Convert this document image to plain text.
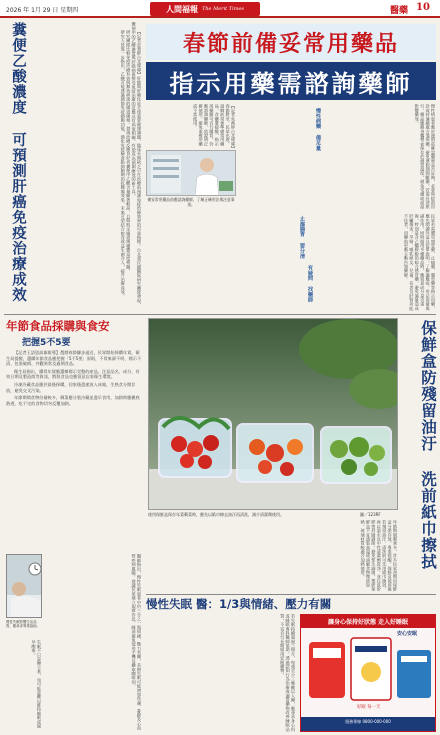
2026 年 1月 29 日 星期四	人間福報 The Merit Times	醫藥 10
糞便乙酸濃度 可預測肝癌免疫治療成效	【記者雷秉群台北報導】肝癌與肝硬化是全球重要健康議題，臨床長期缺乏可在治療前預測免疫治療效果的可靠指標。台北榮民總醫院研究團隊發現，糞便中的乙酸濃度與肝癌病患接受免疫治療的反應具有高度相關，有望成為預測療效的新工具。

研究團隊比較免疫治療有效與無效病患的腸道菌相，發現治療反應良好者糞便中乙酸含量顯著較高，且與特定腸道菌種豐富度相關。

研究人員進一步指出，乙酸可能透過調節免疫細胞功能，強化免疫檢查點抑制劑的抗腫瘤效果，未來可望結合飲食或益生菌介入，提升治療成效。	春節前備妥常用藥品
指示用藥需諮詢藥師
【記者吳燕婷台北報導】春節將至，民眾出遊、返鄉前常會準備常用藥品，食藥署提醒，指示用藥雖可自行購買，仍應諮詢藥師，依說明正確使用，避免重複用藥或不當使用。
備妥常用藥品前應諮詢藥師，了解正確用法與注意事項。	慢性病患者應於連假前確認藥量是否足夠，必要時提前回診或持連續處方箋領藥，避免連假期間斷藥。若需長途旅行，藥品應隨身攜帶並保存於適當溫度，避免受潮或高溫影響藥效。
慢性病藥 備足量
民眾若需購買感冒藥、止痛藥、腸胃藥等指示用藥，應先閱讀外盒及仿單說明，了解適應症、用法用量與副作用。同時服用多種藥品時，應留意成分是否重複，特別是含乙醯胺酚的綜合感冒藥，避免過量造成肝臟傷害。孕婦、哺乳婦女、兒童、長者及肝腎功能不佳者，用藥前更應主動告知藥師。
止瀉腸胃 要分清
有疑問 找藥師
年節食品採購與食安
把握5不5要

【記者王語恩高雄報導】農曆春節腳步逼近，民眾開始採購年貨，衛生局提醒，選購年節食品應把握「5不5要」原則，不買來源不明、標示不清、包裝破損、外觀異常及過期食品。

衛生局指出，購買年貨應選擇標示完整的產品，注意品名、成分、有效日期及製造商等資訊，散裝食品也應留意店家衛生環境。

冷凍冷藏食品應於最後採購，回家後盡速放入冰箱，生熟食分開存放，避免交叉污染。

年節期間食物份量較多，剩菜應分裝冷藏並盡早食用，加熱時應徹底熱透，吃不完的食物切勿反覆加熱。

使用保鮮盒保存年菜剩菜時，應先以紙巾擦去油汙再清洗，減少清潔劑使用。	圖／123RF	保鮮盒防殘留油汙 洗前紙巾擦拭
年節期間剩菜多，許多民眾習慣用保鮮盒分裝存放。專家提醒，保鮮盒使用後若殘留油汙，清洗前可先用紙巾擦拭，再以溫水及中性清潔劑洗淨，並注意矽膠密封圈縫隙，避免孳生細菌。塑膠保鮮盒不宜盛裝高溫或油膩食物微波加熱，玻璃材質較適合加熱使用。
慢性失眠影響生活品質，應尋求專業協助。
失眠不只是睡不著，也可能是難以維持睡眠或過早醒來。	醫師指出，慢性失眠患者中約三分之一與情緒、壓力有關，長期失眠可能增加焦慮、憂鬱及心血管疾病風險，建議民眾建立規律作息，睡前避免使用手機及攝取咖啡因。 慢性失眠 醫：1/3與情緒、壓力有關
若失眠持續超過三個月，每週至少三晚難以入睡，應尋求身心科或睡眠專科醫師協助，透過認知行為治療或適當藥物改善睡眠品質，不宜自行長期服用安眠藥物。	讓身心保持好狀態 走入好睡眠
安心安眠
好眠 每一天
服務專線 0800-000-000
